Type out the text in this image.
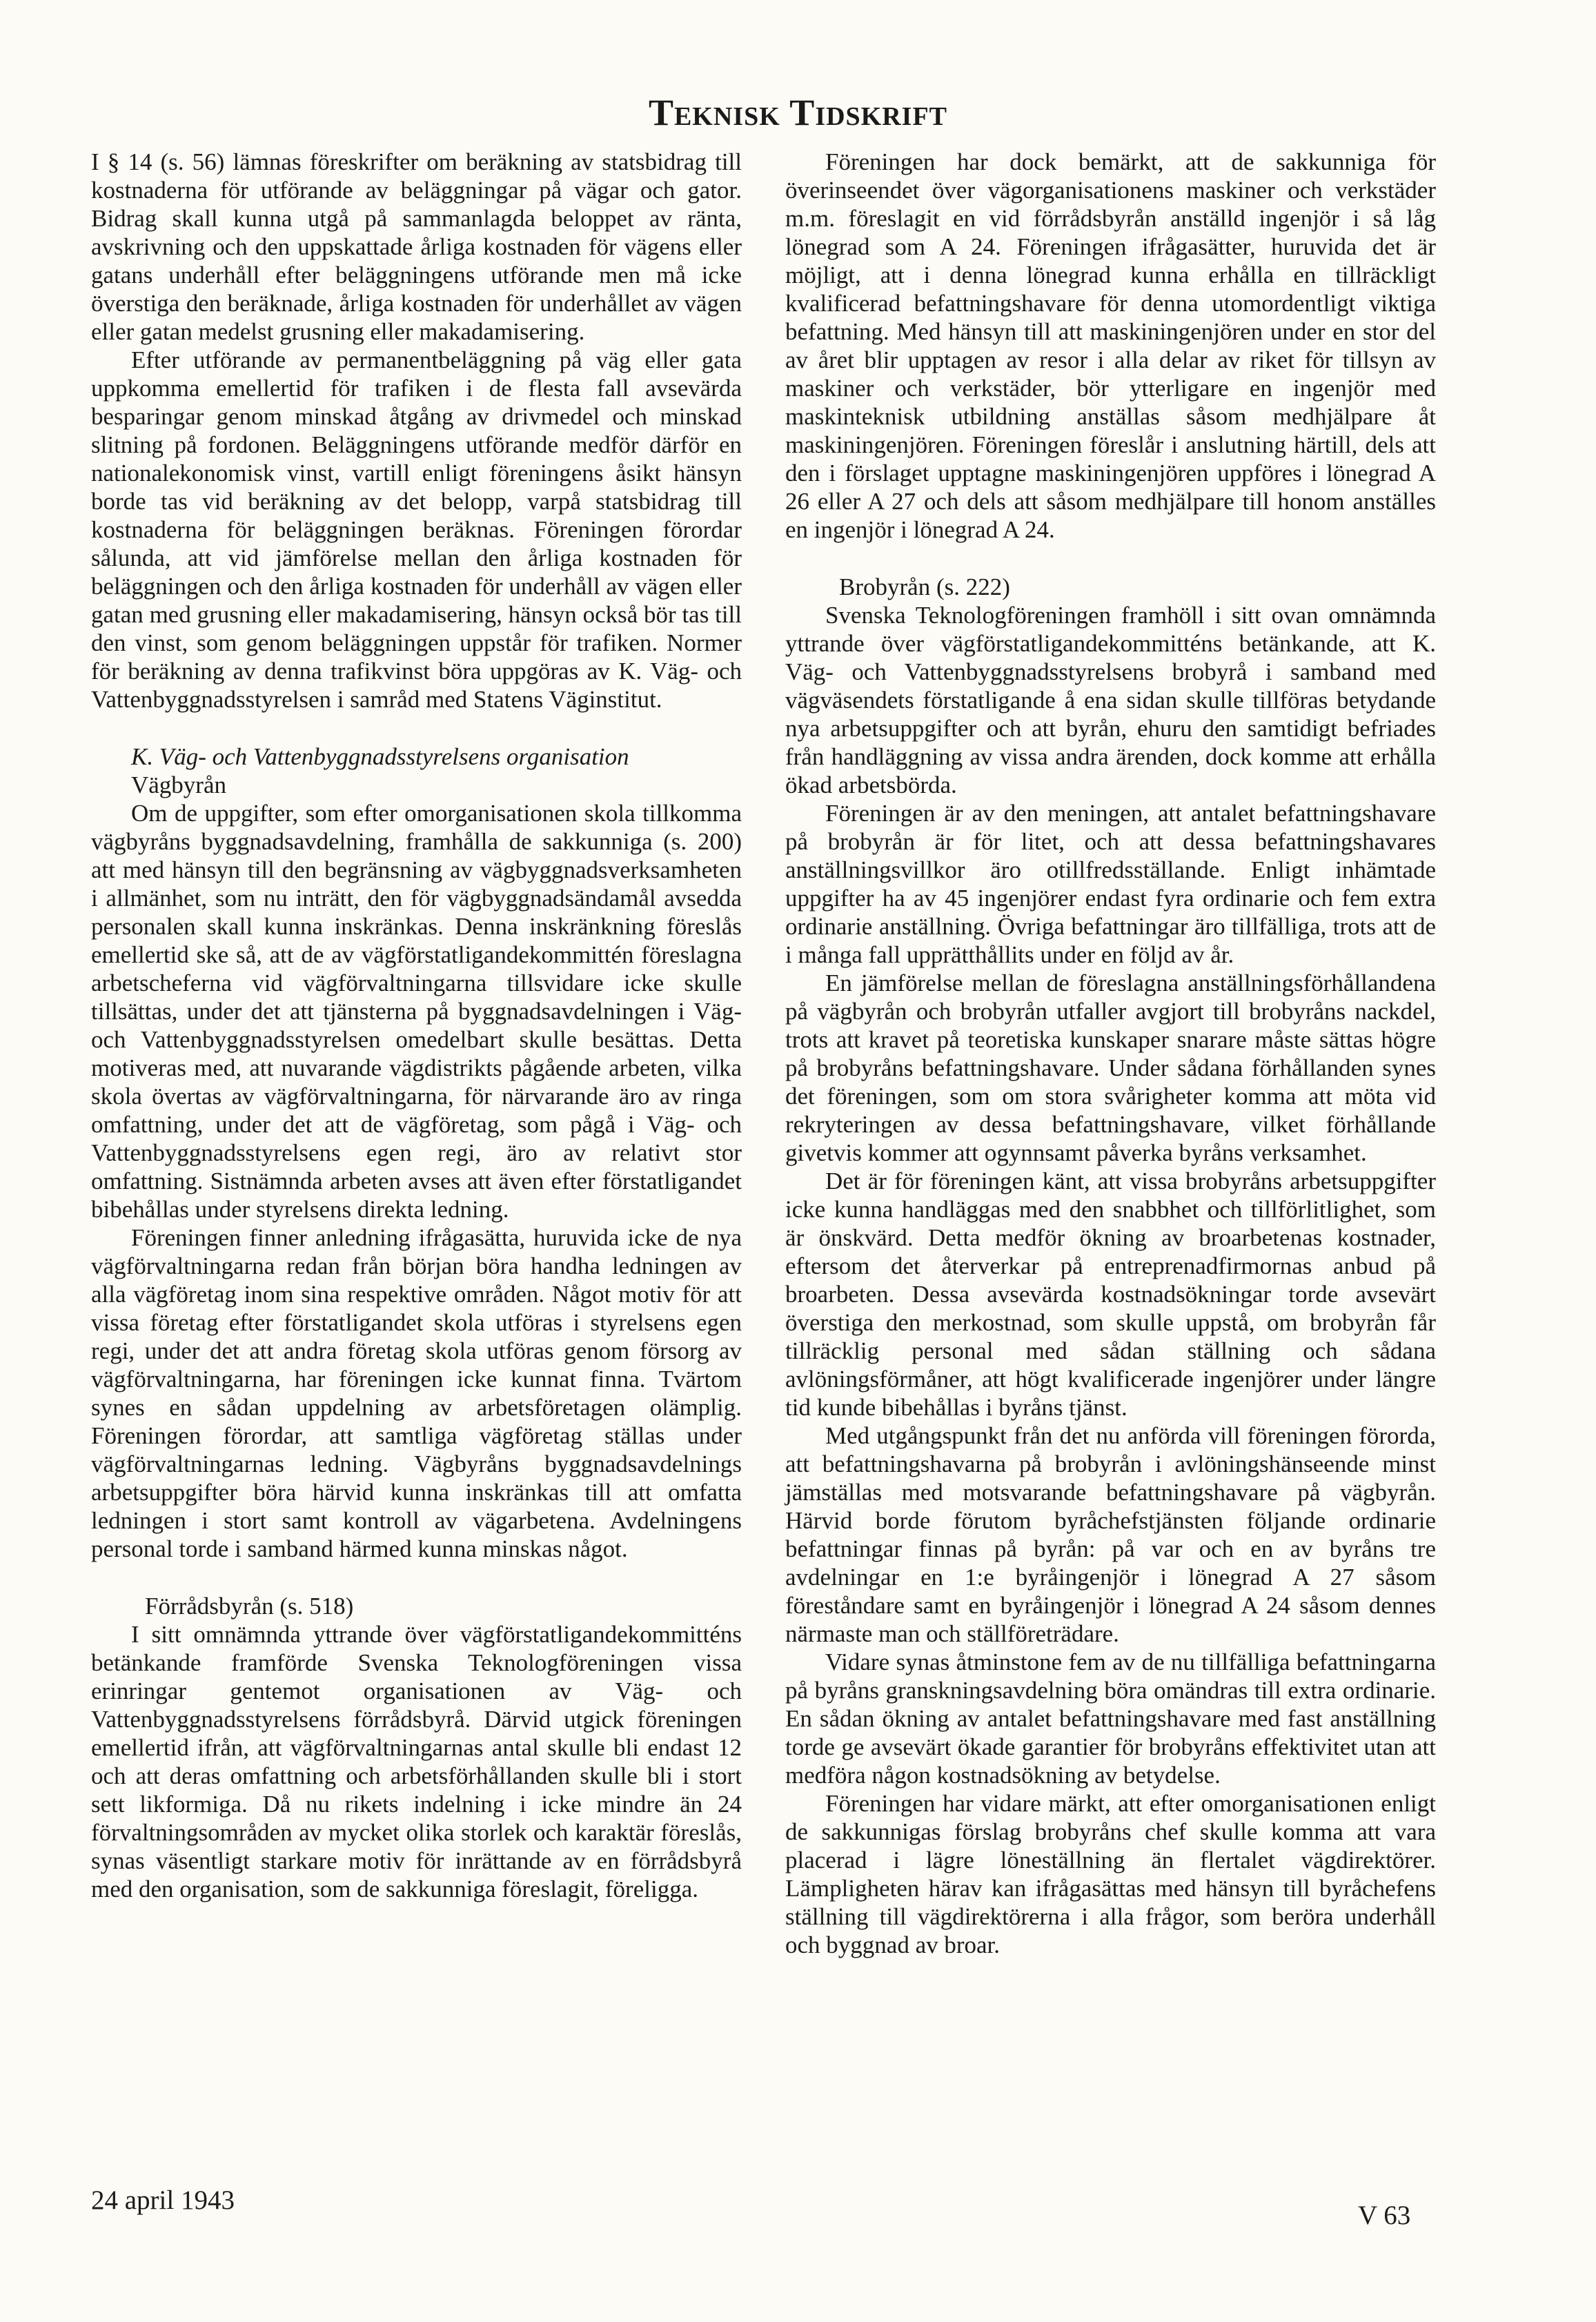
Teknisk Tidskrift

I § 14 (s. 56) lämnas föreskrifter om beräkning av statsbidrag till kostnaderna för utförande av beläggningar på vägar och gator. Bidrag skall kunna utgå på sammanlagda beloppet av ränta, avskrivning och den uppskattade årliga kostnaden för vägens eller gatans underhåll efter beläggningens utförande men må icke överstiga den beräknade, årliga kostnaden för underhållet av vägen eller gatan medelst grusning eller makadamisering.

Efter utförande av permanentbeläggning på väg eller gata uppkomma emellertid för trafiken i de flesta fall avsevärda besparingar genom minskad åtgång av drivmedel och minskad slitning på fordonen. Beläggningens utförande medför därför en nationalekonomisk vinst, vartill enligt föreningens åsikt hänsyn borde tas vid beräkning av det belopp, varpå statsbidrag till kostnaderna för beläggningen beräknas. Föreningen förordar sålunda, att vid jämförelse mellan den årliga kostnaden för beläggningen och den årliga kostnaden för underhåll av vägen eller gatan med grusning eller makadamisering, hänsyn också bör tas till den vinst, som genom beläggningen uppstår för trafiken. Normer för beräkning av denna trafikvinst böra uppgöras av K. Väg- och Vattenbyggnadsstyrelsen i samråd med Statens Väginstitut.

K. Väg- och Vattenbyggnadsstyrelsens organisation

Vägbyrån

Om de uppgifter, som efter omorganisationen skola tillkomma vägbyråns byggnadsavdelning, framhålla de sakkunniga (s. 200) att med hänsyn till den begränsning av vägbyggnadsverksamheten i allmänhet, som nu inträtt, den för vägbyggnadsändamål avsedda personalen skall kunna inskränkas. Denna inskränkning föreslås emellertid ske så, att de av vägförstatligandekommittén föreslagna arbetscheferna vid vägförvaltningarna tillsvidare icke skulle tillsättas, under det att tjänsterna på byggnadsavdelningen i Väg- och Vattenbyggnadsstyrelsen omedelbart skulle besättas. Detta motiveras med, att nuvarande vägdistrikts pågående arbeten, vilka skola övertas av vägförvaltningarna, för närvarande äro av ringa omfattning, under det att de vägföretag, som pågå i Väg- och Vattenbyggnadsstyrelsens egen regi, äro av relativt stor omfattning. Sistnämnda arbeten avses att även efter förstatligandet bibehållas under styrelsens direkta ledning.

Föreningen finner anledning ifrågasätta, huruvida icke de nya vägförvaltningarna redan från början böra handha ledningen av alla vägföretag inom sina respektive områden. Något motiv för att vissa företag efter förstatligandet skola utföras i styrelsens egen regi, under det att andra företag skola utföras genom försorg av vägförvaltningarna, har föreningen icke kunnat finna. Tvärtom synes en sådan uppdelning av arbetsföretagen olämplig. Föreningen förordar, att samtliga vägföretag ställas under vägförvaltningarnas ledning. Vägbyråns byggnadsavdelnings arbetsuppgifter böra härvid kunna inskränkas till att omfatta ledningen i stort samt kontroll av vägarbetena. Avdelningens personal torde i samband härmed kunna minskas något.

Förrådsbyrån (s. 518)

I sitt omnämnda yttrande över vägförstatligandekommitténs betänkande framförde Svenska Teknologföreningen vissa erinringar gentemot organisationen av Väg- och Vattenbyggnadsstyrelsens förrådsbyrå. Därvid utgick föreningen emellertid ifrån, att vägförvaltningarnas antal skulle bli endast 12 och att deras omfattning och arbetsförhållanden skulle bli i stort sett likformiga. Då nu rikets indelning i icke mindre än 24 förvaltningsområden av mycket olika storlek och karaktär föreslås, synas väsentligt starkare motiv för inrättande av en förrådsbyrå med den organisation, som de sakkunniga föreslagit, föreligga.

Föreningen har dock bemärkt, att de sakkunniga för överinseendet över vägorganisationens maskiner och verkstäder m.m. föreslagit en vid förrådsbyrån anställd ingenjör i så låg lönegrad som A 24. Föreningen ifrågasätter, huruvida det är möjligt, att i denna lönegrad kunna erhålla en tillräckligt kvalificerad befattningshavare för denna utomordentligt viktiga befattning. Med hänsyn till att maskiningenjören under en stor del av året blir upptagen av resor i alla delar av riket för tillsyn av maskiner och verkstäder, bör ytterligare en ingenjör med maskinteknisk utbildning anställas såsom medhjälpare åt maskiningenjören. Föreningen föreslår i anslutning härtill, dels att den i förslaget upptagne maskiningenjören uppföres i lönegrad A 26 eller A 27 och dels att såsom medhjälpare till honom anställes en ingenjör i lönegrad A 24.

Brobyrån (s. 222)

Svenska Teknologföreningen framhöll i sitt ovan omnämnda yttrande över vägförstatligandekommitténs betänkande, att K. Väg- och Vattenbyggnadsstyrelsens brobyrå i samband med vägväsendets förstatligande å ena sidan skulle tillföras betydande nya arbetsuppgifter och att byrån, ehuru den samtidigt befriades från handläggning av vissa andra ärenden, dock komme att erhålla ökad arbetsbörda.

Föreningen är av den meningen, att antalet befattningshavare på brobyrån är för litet, och att dessa befattningshavares anställningsvillkor äro otillfredsställande. Enligt inhämtade uppgifter ha av 45 ingenjörer endast fyra ordinarie och fem extra ordinarie anställning. Övriga befattningar äro tillfälliga, trots att de i många fall upprätthållits under en följd av år.

En jämförelse mellan de föreslagna anställningsförhållandena på vägbyrån och brobyrån utfaller avgjort till brobyråns nackdel, trots att kravet på teoretiska kunskaper snarare måste sättas högre på brobyråns befattningshavare. Under sådana förhållanden synes det föreningen, som om stora svårigheter komma att möta vid rekryteringen av dessa befattningshavare, vilket förhållande givetvis kommer att ogynnsamt påverka byråns verksamhet.

Det är för föreningen känt, att vissa brobyråns arbetsuppgifter icke kunna handläggas med den snabbhet och tillförlitlighet, som är önskvärd. Detta medför ökning av broarbetenas kostnader, eftersom det återverkar på entreprenadfirmornas anbud på broarbeten. Dessa avsevärda kostnadsökningar torde avsevärt överstiga den merkostnad, som skulle uppstå, om brobyrån får tillräcklig personal med sådan ställning och sådana avlöningsförmåner, att högt kvalificerade ingenjörer under längre tid kunde bibehållas i byråns tjänst.

Med utgångspunkt från det nu anförda vill föreningen förorda, att befattningshavarna på brobyrån i avlöningshänseende minst jämställas med motsvarande befattningshavare på vägbyrån. Härvid borde förutom byråchefstjänsten följande ordinarie befattningar finnas på byrån: på var och en av byråns tre avdelningar en 1:e byråingenjör i lönegrad A 27 såsom föreståndare samt en byråingenjör i lönegrad A 24 såsom dennes närmaste man och ställföreträdare.

Vidare synas åtminstone fem av de nu tillfälliga befattningarna på byråns granskningsavdelning böra omändras till extra ordinarie. En sådan ökning av antalet befattningshavare med fast anställning torde ge avsevärt ökade garantier för brobyråns effektivitet utan att medföra någon kostnadsökning av betydelse.

Föreningen har vidare märkt, att efter omorganisationen enligt de sakkunnigas förslag brobyråns chef skulle komma att vara placerad i lägre löneställning än flertalet vägdirektörer. Lämpligheten härav kan ifrågasättas med hänsyn till byråchefens ställning till vägdirektörerna i alla frågor, som beröra underhåll och byggnad av broar.

24 april 1943
V 63
